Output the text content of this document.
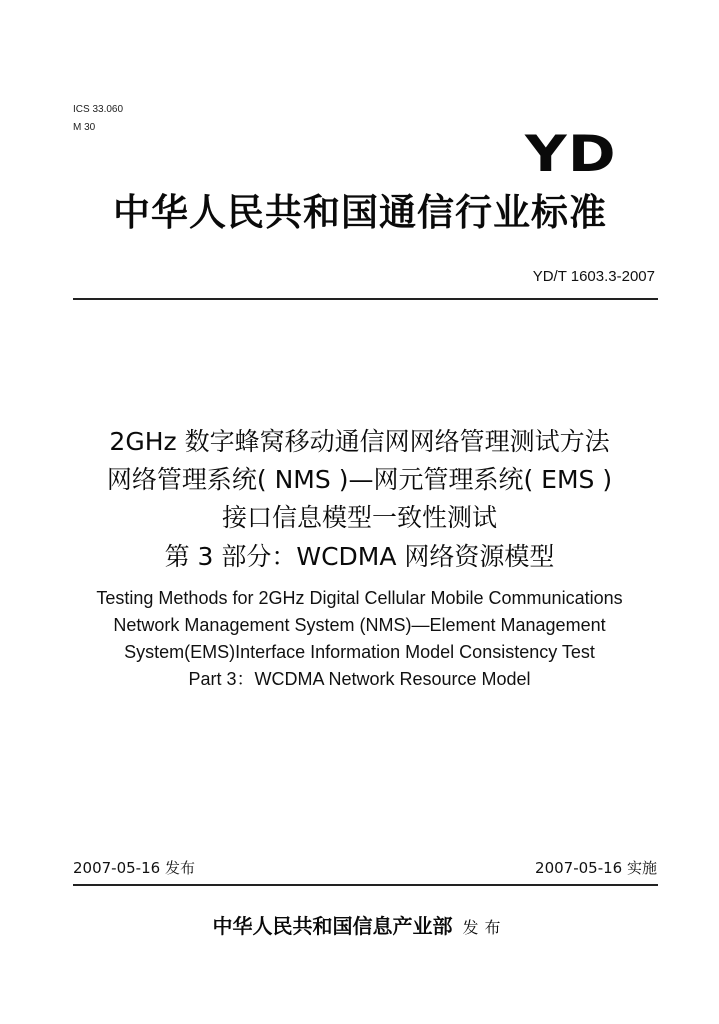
ICS 33.060
M 30	YD
中华人民共和国通信行业标准
YD/T 1603.3-2007
2GHz 数字蜂窝移动通信网网络管理测试方法
网络管理系统( NMS )—网元管理系统( EMS )
接口信息模型一致性测试
第 3 部分：WCDMA 网络资源模型
Testing Methods for 2GHz Digital Cellular Mobile Communications
Network Management System (NMS)—Element Management
System(EMS)Interface Information Model Consistency Test
Part 3：WCDMA Network Resource Model
2007-05-16 发布	2007-05-16 实施
中华人民共和国信息产业部 发布
